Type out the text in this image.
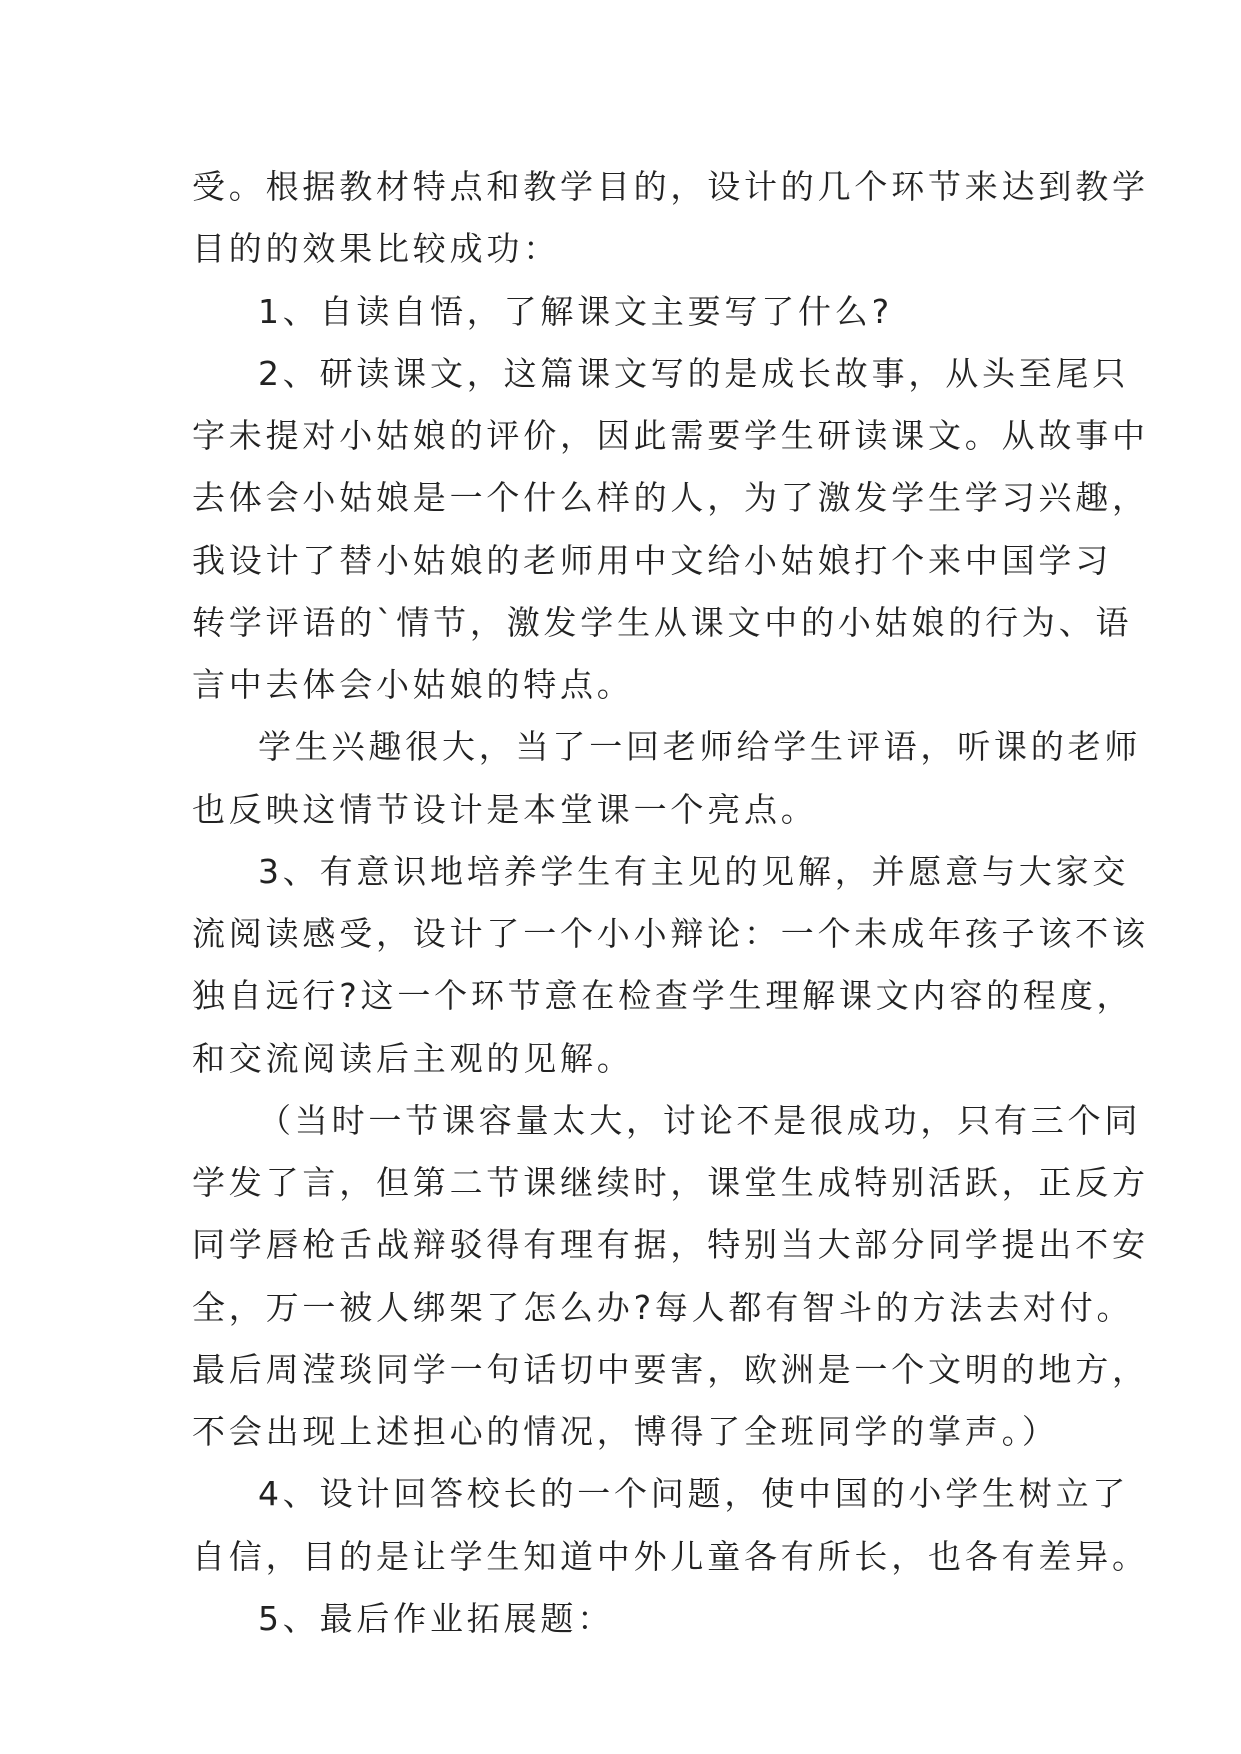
受。根据教材特点和教学目的，设计的几个环节来达到教学
目的的效果比较成功：
1、自读自悟，了解课文主要写了什么?
2、研读课文，这篇课文写的是成长故事，从头至尾只
字未提对小姑娘的评价，因此需要学生研读课文。从故事中
去体会小姑娘是一个什么样的人，为了激发学生学习兴趣，
我设计了替小姑娘的老师用中文给小姑娘打个来中国学习
转学评语的`情节，激发学生从课文中的小姑娘的行为、语
言中去体会小姑娘的特点。
学生兴趣很大，当了一回老师给学生评语，听课的老师
也反映这情节设计是本堂课一个亮点。
3、有意识地培养学生有主见的见解，并愿意与大家交
流阅读感受，设计了一个小小辩论：一个未成年孩子该不该
独自远行?这一个环节意在检查学生理解课文内容的程度，
和交流阅读后主观的见解。
（当时一节课容量太大，讨论不是很成功，只有三个同
学发了言，但第二节课继续时，课堂生成特别活跃，正反方
同学唇枪舌战辩驳得有理有据，特别当大部分同学提出不安
全，万一被人绑架了怎么办?每人都有智斗的方法去对付。
最后周滢琰同学一句话切中要害，欧洲是一个文明的地方，
不会出现上述担心的情况，博得了全班同学的掌声。）
4、设计回答校长的一个问题，使中国的小学生树立了
自信，目的是让学生知道中外儿童各有所长，也各有差异。
5、最后作业拓展题：
